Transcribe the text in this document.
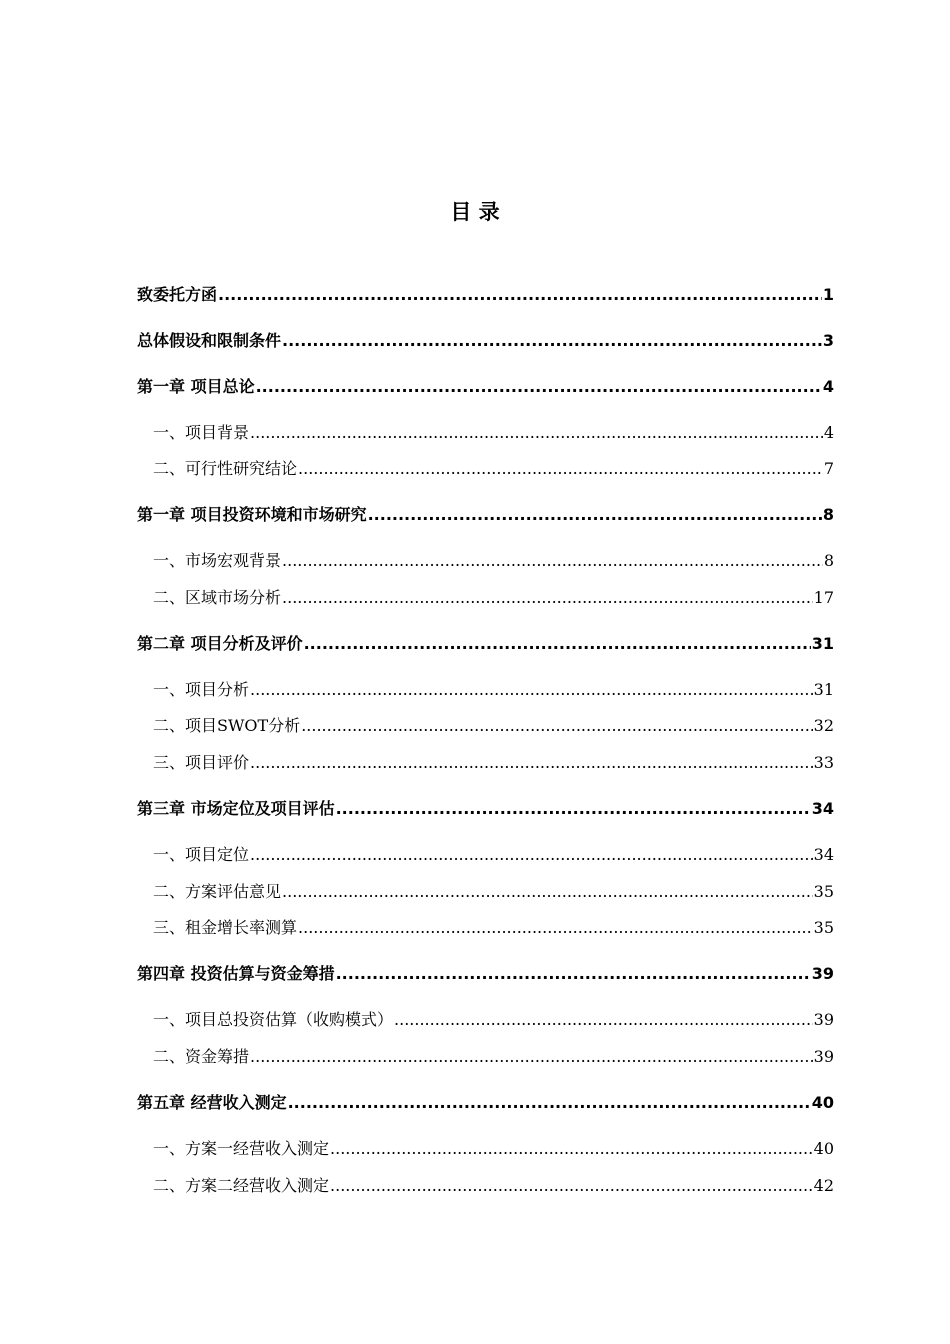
目 录
致委托方函 .....	1
总体假设和限制条件 .....	3
第一章 项目总论 .....	4
一、项目背景 .....	4
二、可行性研究结论 .....	7
第一章 项目投资环境和市场研究 .....	8
一、市场宏观背景 .....	8
二、区域市场分析 .....	17
第二章 项目分析及评价 .....	31
一、项目分析 .....	31
二、项目SWOT分析 .....	32
三、项目评价 .....	33
第三章 市场定位及项目评估 .....	34
一、项目定位 .....	34
二、方案评估意见 .....	35
三、租金增长率测算 .....	35
第四章 投资估算与资金筹措 .....	39
一、项目总投资估算（收购模式） .....	39
二、资金筹措 .....	39
第五章 经营收入测定 .....	40
一、方案一经营收入测定 .....	40
二、方案二经营收入测定 .....	42
